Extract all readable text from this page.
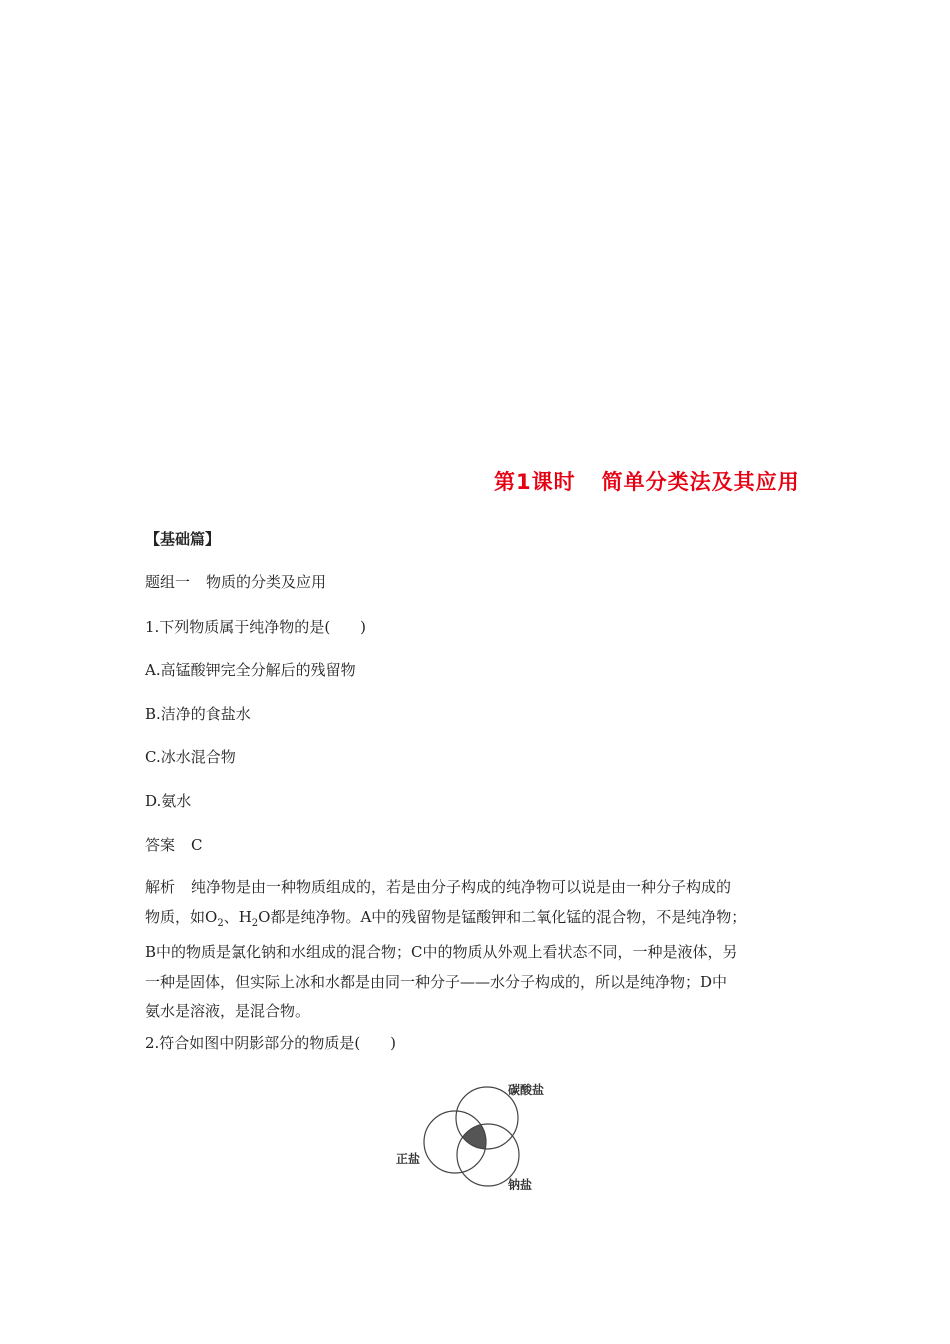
第1课时 简单分类法及其应用
【基础篇】
题组一 物质的分类及应用
1.下列物质属于纯净物的是(　　)
A.高锰酸钾完全分解后的残留物
B.洁净的食盐水
C.冰水混合物
D.氨水
答案 C
解析 纯净物是由一种物质组成的，若是由分子构成的纯净物可以说是由一种分子构成的
物质，如$O_2$、$H_2O$都是纯净物。A中的残留物是锰酸钾和二氧化锰的混合物，不是纯净物；
B中的物质是氯化钠和水组成的混合物；C中的物质从外观上看状态不同，一种是液体，另
一种是固体，但实际上冰和水都是由同一种分子——水分子构成的，所以是纯净物；D中
氨水是溶液，是混合物。
2.符合如图中阴影部分的物质是(　　)
碳酸盐
正盐
钠盐
